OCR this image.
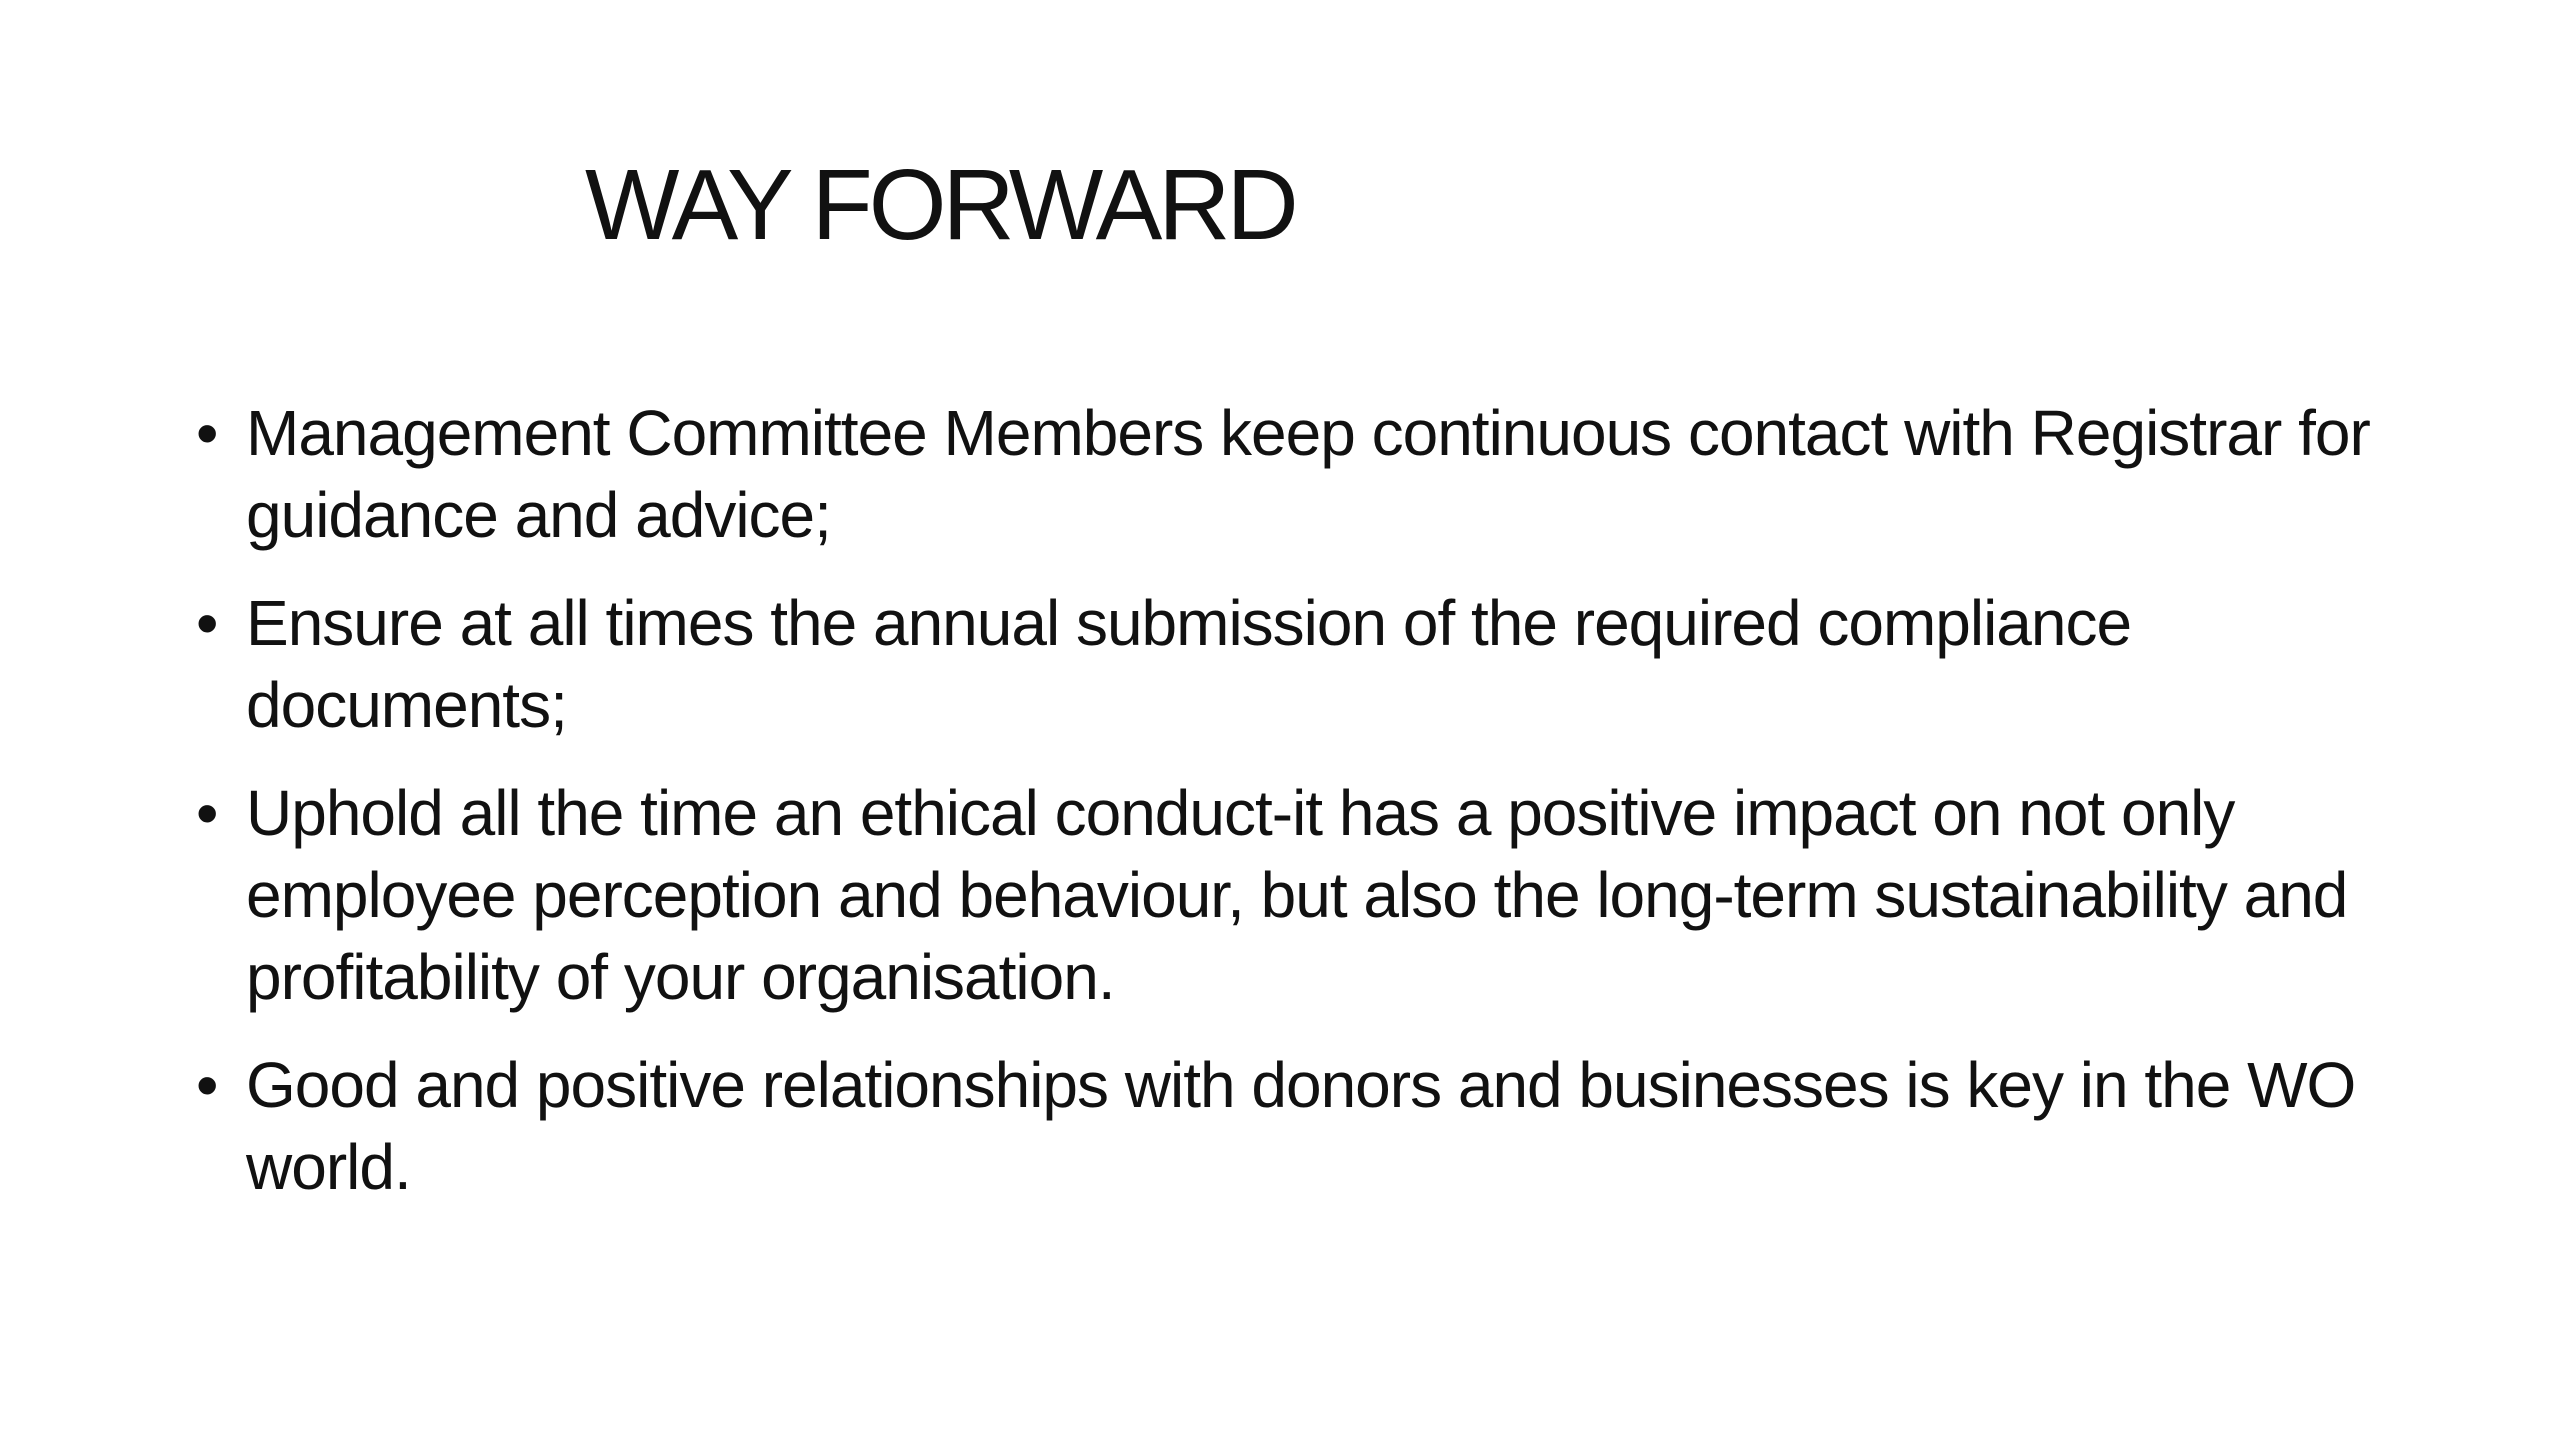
WAY FORWARD
• Management Committee Members keep continuous contact with Registrar for guidance and advice;
• Ensure at all times the annual submission of the required compliance documents;
• Uphold all the time an ethical conduct-it has a positive impact on not only employee perception and behaviour, but also the long-term sustainability and profitability of your organisation.
• Good and positive relationships with donors and businesses is key in the WO world.
